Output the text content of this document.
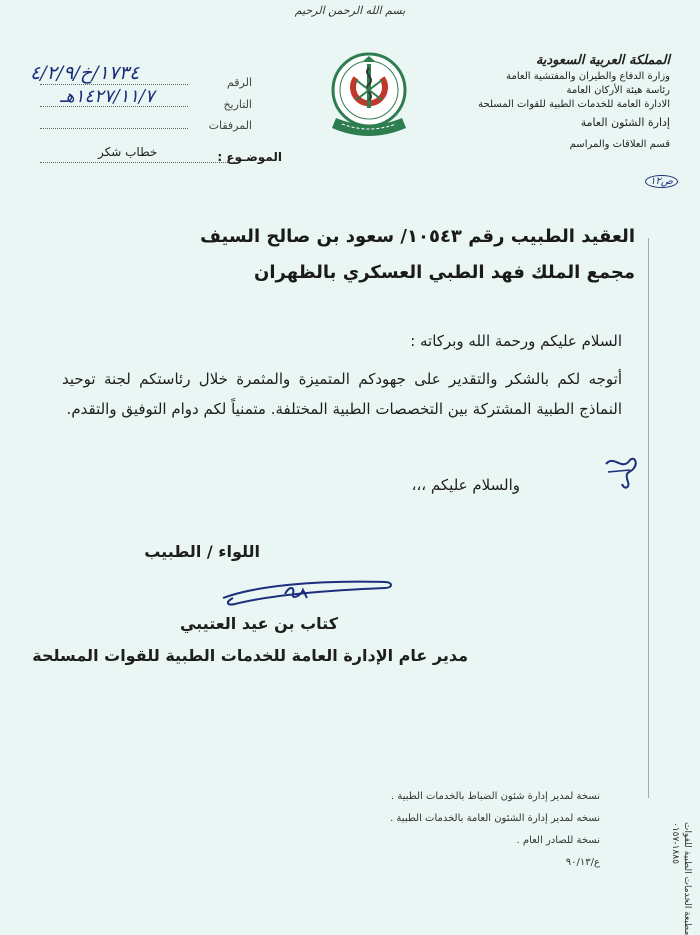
بسم الله الرحمن الرحيم
المملكة العربية السعودية
وزارة الدفاع والطيران والمفتشية العامة
رئاسة هيئة الأركان العامة
الادارة العامة للخدمات الطبية للقوات المسلحة
إدارة الشئون العامة
قسم العلاقات والمراسم
ص١٢
الرقم
١٧٣٤/خ/٤/٢/٩
التاريخ
١٤٢٧/١١/٧هـ
المرفقات
الموضـوع :
خطاب شكر
العقيد الطبيب رقم ١٠٥٤٣/ سعود بن صالح السيف
مجمع الملك فهد الطبي العسكري بالظهران
السلام عليكم ورحمة الله وبركاته :
أتوجه لكم بالشكر والتقدير على جهودكم المتميزة والمثمرة خلال رئاستكم لجنة توحيد النماذج الطبية المشتركة بين التخصصات الطبية المختلفة. متمنياً لكم دوام التوفيق والتقدم.
والسلام عليكم ،،،
اللواء / الطبيب
كتاب بن عيد العتيبي
مدير عام الإدارة العامة للخدمات الطبية للقوات المسلحة
نسخة لمدير إدارة شئون الضباط بالخدمات الطبية .
نسخه لمدير إدارة الشئون العامة بالخدمات الطبية .
نسخة للصادر العام .
ع/٩٠/١٣	مطبعة الخدمات الطبية للقوات
١٨٨٥-٠١٥٧
